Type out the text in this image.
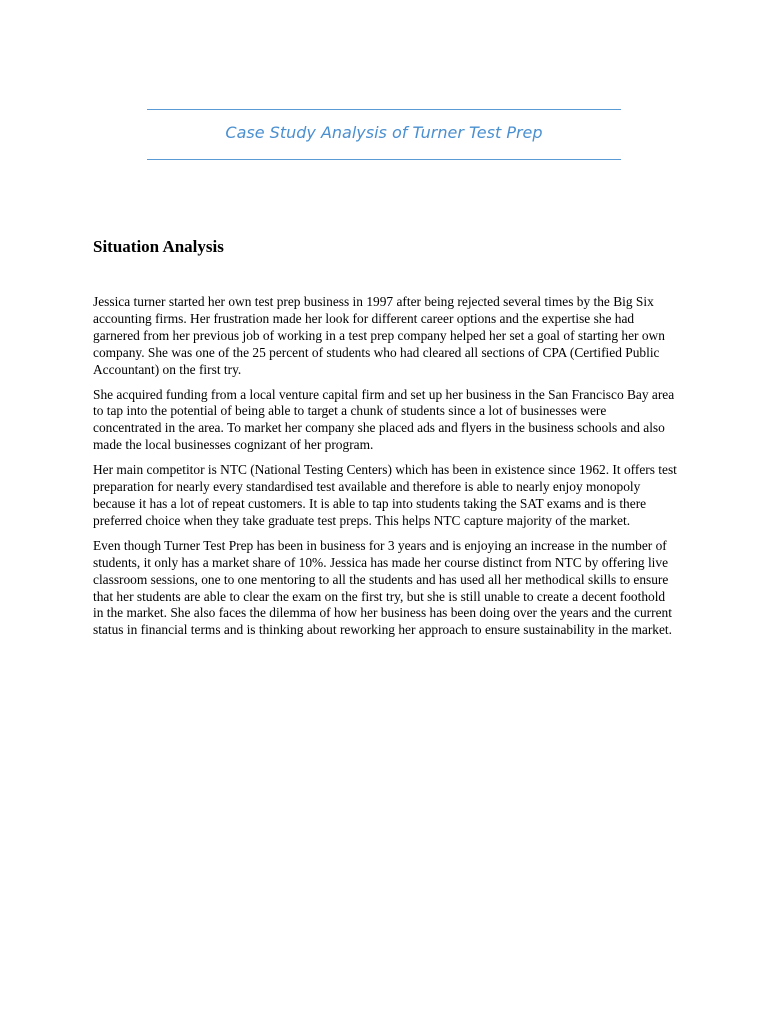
Case Study Analysis of Turner Test Prep
Situation Analysis

Jessica turner started her own test prep business in 1997 after being rejected several times by the Big Six accounting firms. Her frustration made her look for different career options and the expertise she had garnered from her previous job of working in a test prep company helped her set a goal of starting her own company. She was one of the 25 percent of students who had cleared all sections of CPA (Certified Public Accountant) on the first try.

She acquired funding from a local venture capital firm and set up her business in the San Francisco Bay area to tap into the potential of being able to target a chunk of students since a lot of businesses were concentrated in the area. To market her company she placed ads and flyers in the business schools and also made the local businesses cognizant of her program.

Her main competitor is NTC (National Testing Centers) which has been in existence since 1962. It offers test preparation for nearly every standardised test available and therefore is able to nearly enjoy monopoly because it has a lot of repeat customers. It is able to tap into students taking the SAT exams and is there preferred choice when they take graduate test preps. This helps NTC capture majority of the market.

Even though Turner Test Prep has been in business for 3 years and is enjoying an increase in the number of students, it only has a market share of 10%. Jessica has made her course distinct from NTC by offering live classroom sessions, one to one mentoring to all the students and has used all her methodical skills to ensure that her students are able to clear the exam on the first try, but she is still unable to create a decent foothold in the market. She also faces the dilemma of how her business has been doing over the years and the current status in financial terms and is thinking about reworking her approach to ensure sustainability in the market.
